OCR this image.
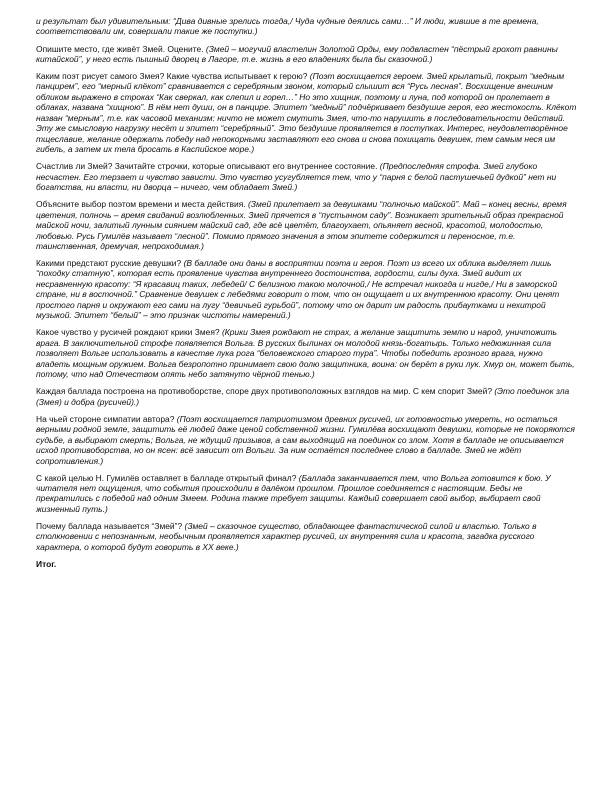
и результат был удивительным: “Дива дивные зрелись тогда,/ Чуда чудные деялись сами…” И люди, жившие в те времена, соответствовали им, совершали такие же поступки.)

Опишите место, где живёт Змей. Оцените. (Змей – могучий властелин Золотой Орды, ему подвластен “пёстрый грохот равнины китайской”, у него есть пышный дворец в Лагоре, т.е. жизнь в его владениях была бы сказочной.)

Каким поэт рисует самого Змея? Какие чувства испытывает к герою? (Поэт восхищается героем. Змей крылатый, покрыт “медным панцирем”, его “мерный клёкот” сравнивается с серебряным звоном, который слышит вся “Русь лесная”. Восхищение внешним обликом выражено в строках “Как сверкал, как слепил и горел…” Но это хищник, поэтому и луна, под которой он пролетает в облаках, названа “хищною”. В нём нет души, он в панцире. Эпитет “медный” подчёркивает бездушие героя, его жестокость. Клёкот назван “мерным”, т.е. как часовой механизм: ничто не может смутить Змея, что-то нарушить в последовательности действий. Эту же смысловую нагрузку несёт и эпитет “серебряный”. Это бездушие проявляется в поступках. Интерес, неудовлетворённое тщеславие, желание одержать победу над непокорными заставляют его снова и снова похищать девушек, тем самым неся им гибель, а затем их тела бросать в Каспийское море.)

Счастлив ли Змей? Зачитайте строчки, которые описывают его внутреннее состояние. (Предпоследняя строфа. Змей глубоко несчастен. Его терзает и чувство зависти. Это чувство усугубляется тем, что у “парня с белой пастушечьей дудкой” нет ни богатства, ни власти, ни дворца – ничего, чем обладает Змей.)

Объясните выбор поэтом времени и места действия. (Змей прилетает за девушками “полночью майской”. Май – конец весны, время цветения, полночь – время свиданий возлюбленных. Змей прячется в “пустынном саду”. Возникает зрительный образ прекрасной майской ночи, залитый лунным сиянием майский сад, где всё цветёт, благоухает, опьяняет весной, красотой, молодостью, любовью. Русь Гумилёв называет “лесной”. Помимо прямого значения в этом эпитете содержится и переносное, т.е. таинственная, дремучая, непроходимая.)

Какими предстают русские девушки? (В балладе они даны в восприятии поэта и героя. Поэт из всего их облика выделяет лишь “походку статную”, которая есть проявление чувства внутреннего достоинства, гордости, силы духа. Змей видит их несравненную красоту: “Я красавиц таких, лебедей/ С белизною такою молочной,/ Не встречал никогда и нигде,/ Ни в заморской стране, ни в восточной.” Сравнение девушек с лебедями говорит о том, что он ощущает и их внутреннюю красоту. Они ценят простого парня и окружают его сами на лугу “девичьей гурьбой”, потому что он дарит им радость прибаутками и нехитрой музыкой. Эпитет “белый” – это признак чистоты намерений.)

Какое чувство у русичей рождают крики Змея? (Крики Змея рождают не страх, а желание защитить землю и народ, уничтожить врага. В заключительной строфе появляется Вольга. В русских былинах он молодой князь-богатырь. Только недюжинная сила позволяет Вольге использовать в качестве лука рога “беловежского старого тура”. Чтобы победить грозного врага, нужно владеть мощным оружием. Вольга безропотно принимает свою долю защитника, воина: он берёт в руки лук. Хмур он, может быть, потому, что над Отечеством опять небо затянуто чёрной тенью.)

Каждая баллада построена на противоборстве, споре двух противоположных взглядов на мир. С кем спорит Змей? (Это поединок зла (Змея) и добра (русичей).)

На чьей стороне симпатии автора? (Поэт восхищается патриотизмом древних русичей, их готовностью умереть, но остаться верными родной земле, защитить её людей даже ценой собственной жизни. Гумилёва восхищают девушки, которые не покоряются судьбе, а выбирают смерть; Вольга, не ждущий призывов, а сам выходящий на поединок со злом. Хотя в балладе не описывается исход противоборства, но он ясен: всё зависит от Вольги. За ним остаётся последнее слово в балладе. Змей не ждёт сопротивления.)

С какой целью Н. Гумилёв оставляет в балладе открытый финал? (Баллада заканчивается тем, что Вольга готовится к бою. У читателя нет ощущения, что события происходили в далёком прошлом. Прошлое соединяется с настоящим. Беды не прекратились с победой над одним Змеем. Родина также требует защиты. Каждый совершает свой выбор, выбирает свой жизненный путь.)

Почему баллада называется “Змей”? (Змей – сказочное существо, обладающее фантастической силой и властью. Только в столкновении с непознанным, необычным проявляется характер русичей, их внутренняя сила и красота, загадка русского характера, о которой будут говорить в XX веке.)

Итог.
